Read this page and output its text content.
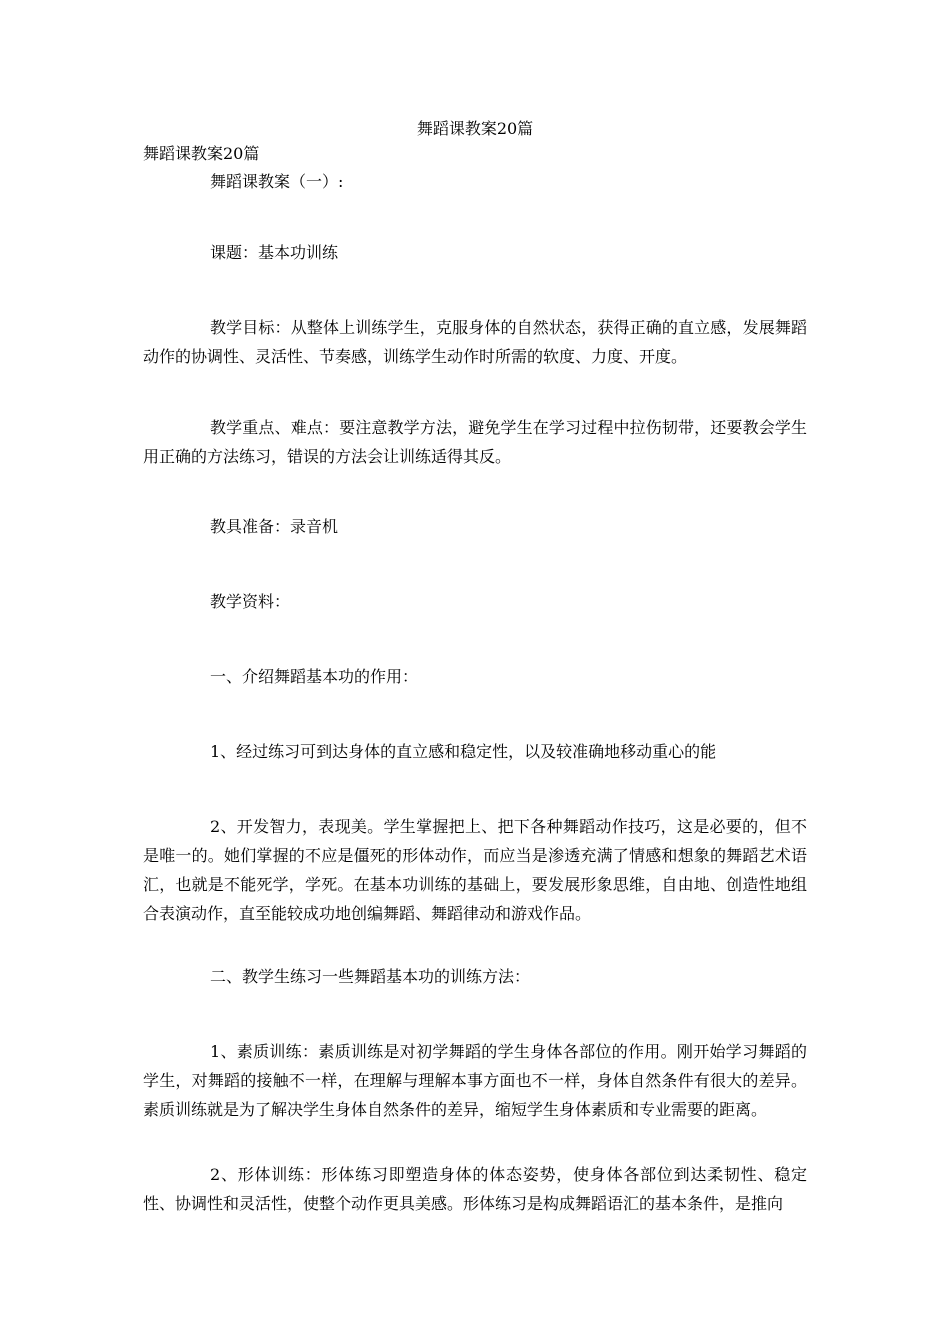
舞蹈课教案20篇
舞蹈课教案20篇
舞蹈课教案（一）:
课题：基本功训练
教学目标：从整体上训练学生，克服身体的自然状态，获得正确的直立感，发展舞蹈动作的协调性、灵活性、节奏感，训练学生动作时所需的软度、力度、开度。
教学重点、难点：要注意教学方法，避免学生在学习过程中拉伤韧带，还要教会学生用正确的方法练习，错误的方法会让训练适得其反。
教具准备：录音机
教学资料：
一、介绍舞蹈基本功的作用：
1、经过练习可到达身体的直立感和稳定性，以及较准确地移动重心的能
2、开发智力，表现美。学生掌握把上、把下各种舞蹈动作技巧，这是必要的，但不是唯一的。她们掌握的不应是僵死的形体动作，而应当是渗透充满了情感和想象的舞蹈艺术语汇，也就是不能死学，学死。在基本功训练的基础上，要发展形象思维，自由地、创造性地组合表演动作，直至能较成功地创编舞蹈、舞蹈律动和游戏作品。
二、教学生练习一些舞蹈基本功的训练方法：
1、素质训练：素质训练是对初学舞蹈的学生身体各部位的作用。刚开始学习舞蹈的学生，对舞蹈的接触不一样，在理解与理解本事方面也不一样，身体自然条件有很大的差异。素质训练就是为了解决学生身体自然条件的差异，缩短学生身体素质和专业需要的距离。
2、形体训练：形体练习即塑造身体的体态姿势，使身体各部位到达柔韧性、稳定性、协调性和灵活性，使整个动作更具美感。形体练习是构成舞蹈语汇的基本条件，是推向
